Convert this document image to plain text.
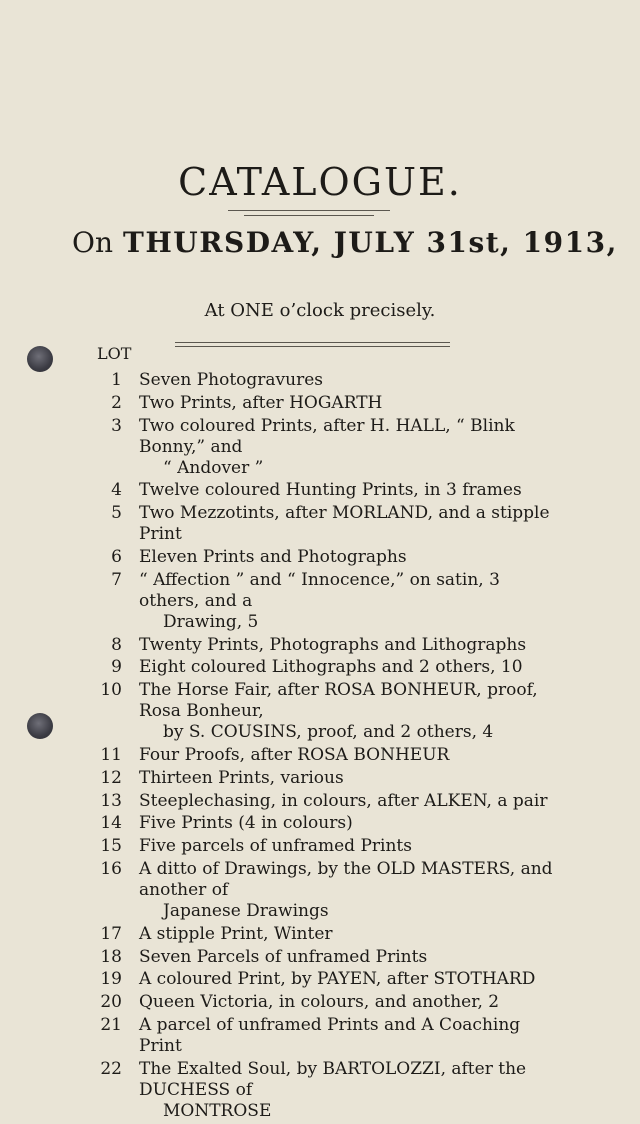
CATALOGUE.
On THURSDAY, JULY 31st, 1913,
At ONE o’clock precisely.
LOT
1 Seven Photogravures
2 Two Prints, after HOGARTH
3 Two coloured Prints, after H. HALL, “ Blink Bonny,” and
“ Andover ”
4 Twelve coloured Hunting Prints, in 3 frames
5 Two Mezzotints, after MORLAND, and a stipple Print
6 Eleven Prints and Photographs
7 “ Affection ” and “ Innocence,” on satin, 3 others, and a
Drawing, 5
8 Twenty Prints, Photographs and Lithographs
9 Eight coloured Lithographs and 2 others, 10
10 The Horse Fair, after ROSA BONHEUR, proof, Rosa Bonheur,
by S. COUSINS, proof, and 2 others, 4
11 Four Proofs, after ROSA BONHEUR
12 Thirteen Prints, various
13 Steeplechasing, in colours, after ALKEN, a pair
14 Five Prints (4 in colours)
15 Five parcels of unframed Prints
16 A ditto of Drawings, by the OLD MASTERS, and another of
Japanese Drawings
17 A stipple Print, Winter
18 Seven Parcels of unframed Prints
19 A coloured Print, by PAYEN, after STOTHARD
20 Queen Victoria, in colours, and another, 2
21 A parcel of unframed Prints and A Coaching Print
22 The Exalted Soul, by BARTOLOZZI, after the DUCHESS of
MONTROSE
